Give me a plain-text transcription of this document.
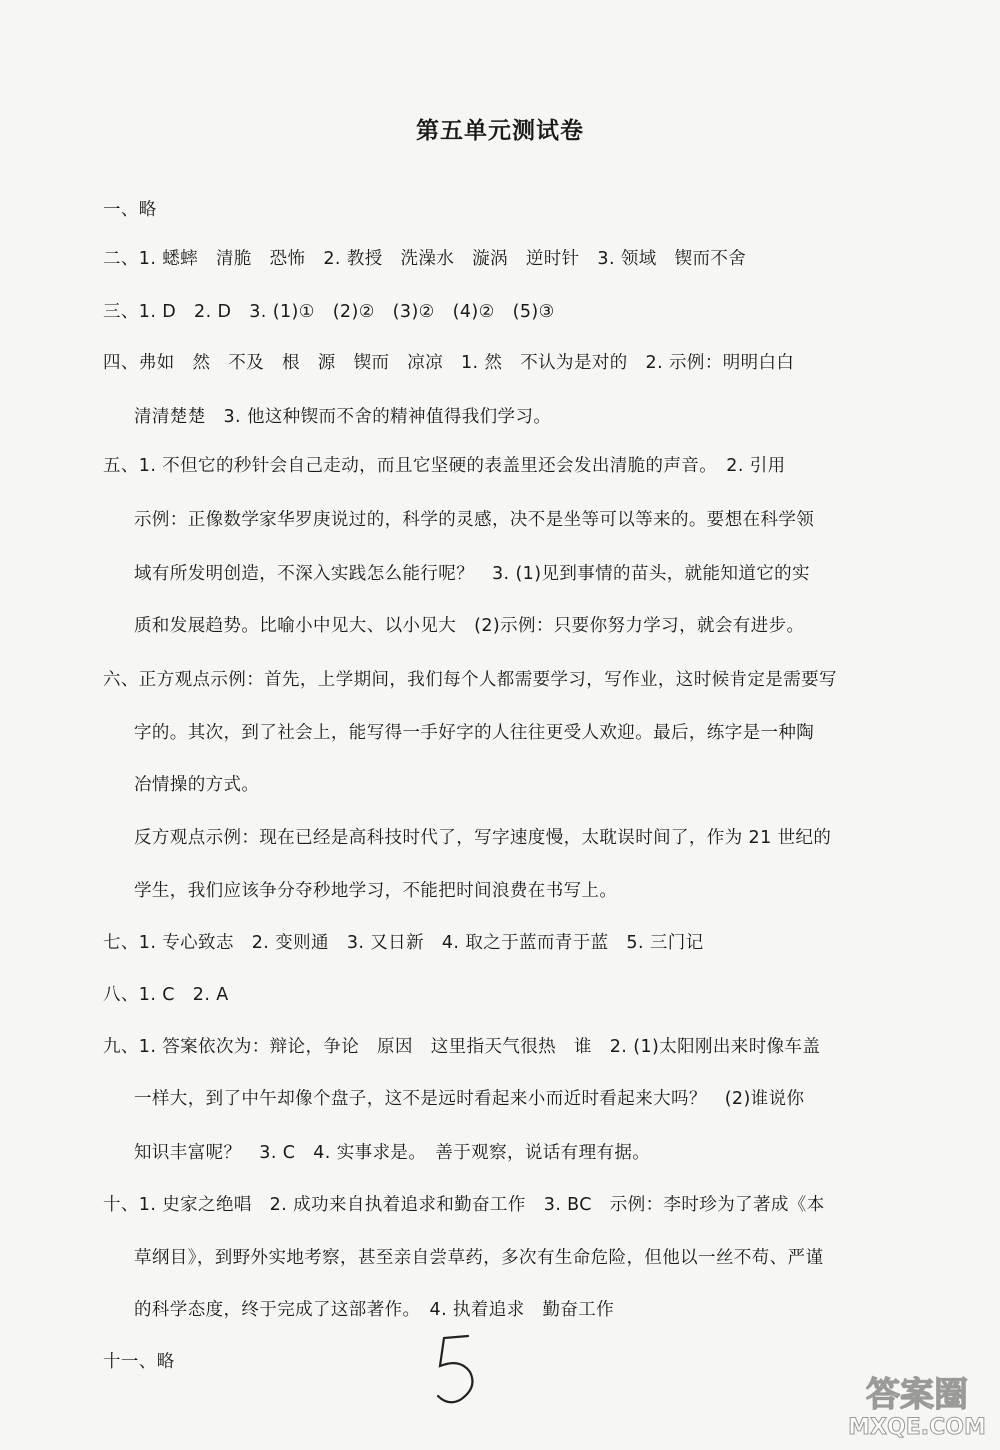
第五单元测试卷
一、略
二、1. 蟋蟀　清脆　恐怖　2. 教授　洗澡水　漩涡　逆时针　3. 领域　锲而不舍
三、1. D　2. D　3. (1)①　(2)②　(3)②　(4)②　(5)③
四、弗如　然　不及　根　源　锲而　凉凉　1. 然　不认为是对的　2. 示例：明明白白
清清楚楚　3. 他这种锲而不舍的精神值得我们学习。
五、1. 不但它的秒针会自己走动，而且它坚硬的表盖里还会发出清脆的声音。　2. 引用
示例：正像数学家华罗庚说过的，科学的灵感，决不是坐等可以等来的。要想在科学领
域有所发明创造，不深入实践怎么能行呢？　3. (1)见到事情的苗头，就能知道它的实
质和发展趋势。比喻小中见大、以小见大　(2)示例：只要你努力学习，就会有进步。
六、正方观点示例：首先，上学期间，我们每个人都需要学习，写作业，这时候肯定是需要写
字的。其次，到了社会上，能写得一手好字的人往往更受人欢迎。最后，练字是一种陶
冶情操的方式。
反方观点示例：现在已经是高科技时代了，写字速度慢，太耽误时间了，作为 21 世纪的
学生，我们应该争分夺秒地学习，不能把时间浪费在书写上。
七、1. 专心致志　2. 变则通　3. 又日新　4. 取之于蓝而青于蓝　5. 三门记
八、1. C　2. A
九、1. 答案依次为：辩论，争论　原因　这里指天气很热　谁　2. (1)太阳刚出来时像车盖
一样大，到了中午却像个盘子，这不是远时看起来小而近时看起来大吗？　(2)谁说你
知识丰富呢？　3. C　4. 实事求是。　善于观察，说话有理有据。
十、1. 史家之绝唱　2. 成功来自执着追求和勤奋工作　3. BC　示例：李时珍为了著成《本
草纲目》，到野外实地考察，甚至亲自尝草药，多次有生命危险，但他以一丝不苟、严谨
的科学态度，终于完成了这部著作。　4. 执着追求　勤奋工作
十一、略
答案圈
MXQE.COM
